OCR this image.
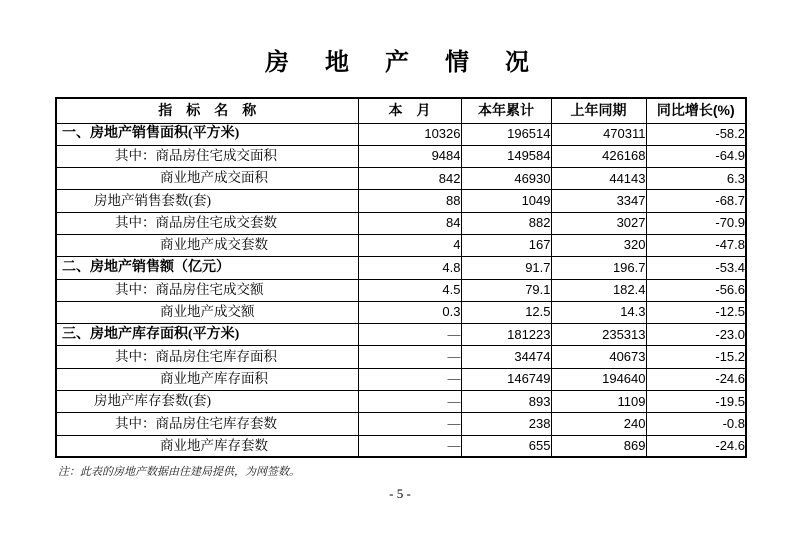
房　地　产　情　况
指　标　名　称	本　月	本年累计	上年同期	同比增长(%)
一、房地产销售面积(平方米)	10326	196514	470311	-58.2
其中：商品房住宅成交面积	9484	149584	426168	-64.9
商业地产成交面积	842	46930	44143	6.3
房地产销售套数(套)	88	1049	3347	-68.7
其中：商品房住宅成交套数	84	882	3027	-70.9
商业地产成交套数	4	167	320	-47.8
二、房地产销售额（亿元）	4.8	91.7	196.7	-53.4
其中：商品房住宅成交额	4.5	79.1	182.4	-56.6
商业地产成交额	0.3	12.5	14.3	-12.5
三、房地产库存面积(平方米)	—	181223	235313	-23.0
其中：商品房住宅库存面积	—	34474	40673	-15.2
商业地产库存面积	—	146749	194640	-24.6
房地产库存套数(套)	—	893	1109	-19.5
其中：商品房住宅库存套数	—	238	240	-0.8
商业地产库存套数	—	655	869	-24.6
注：此表的房地产数据由住建局提供，为网签数。
- 5 -
